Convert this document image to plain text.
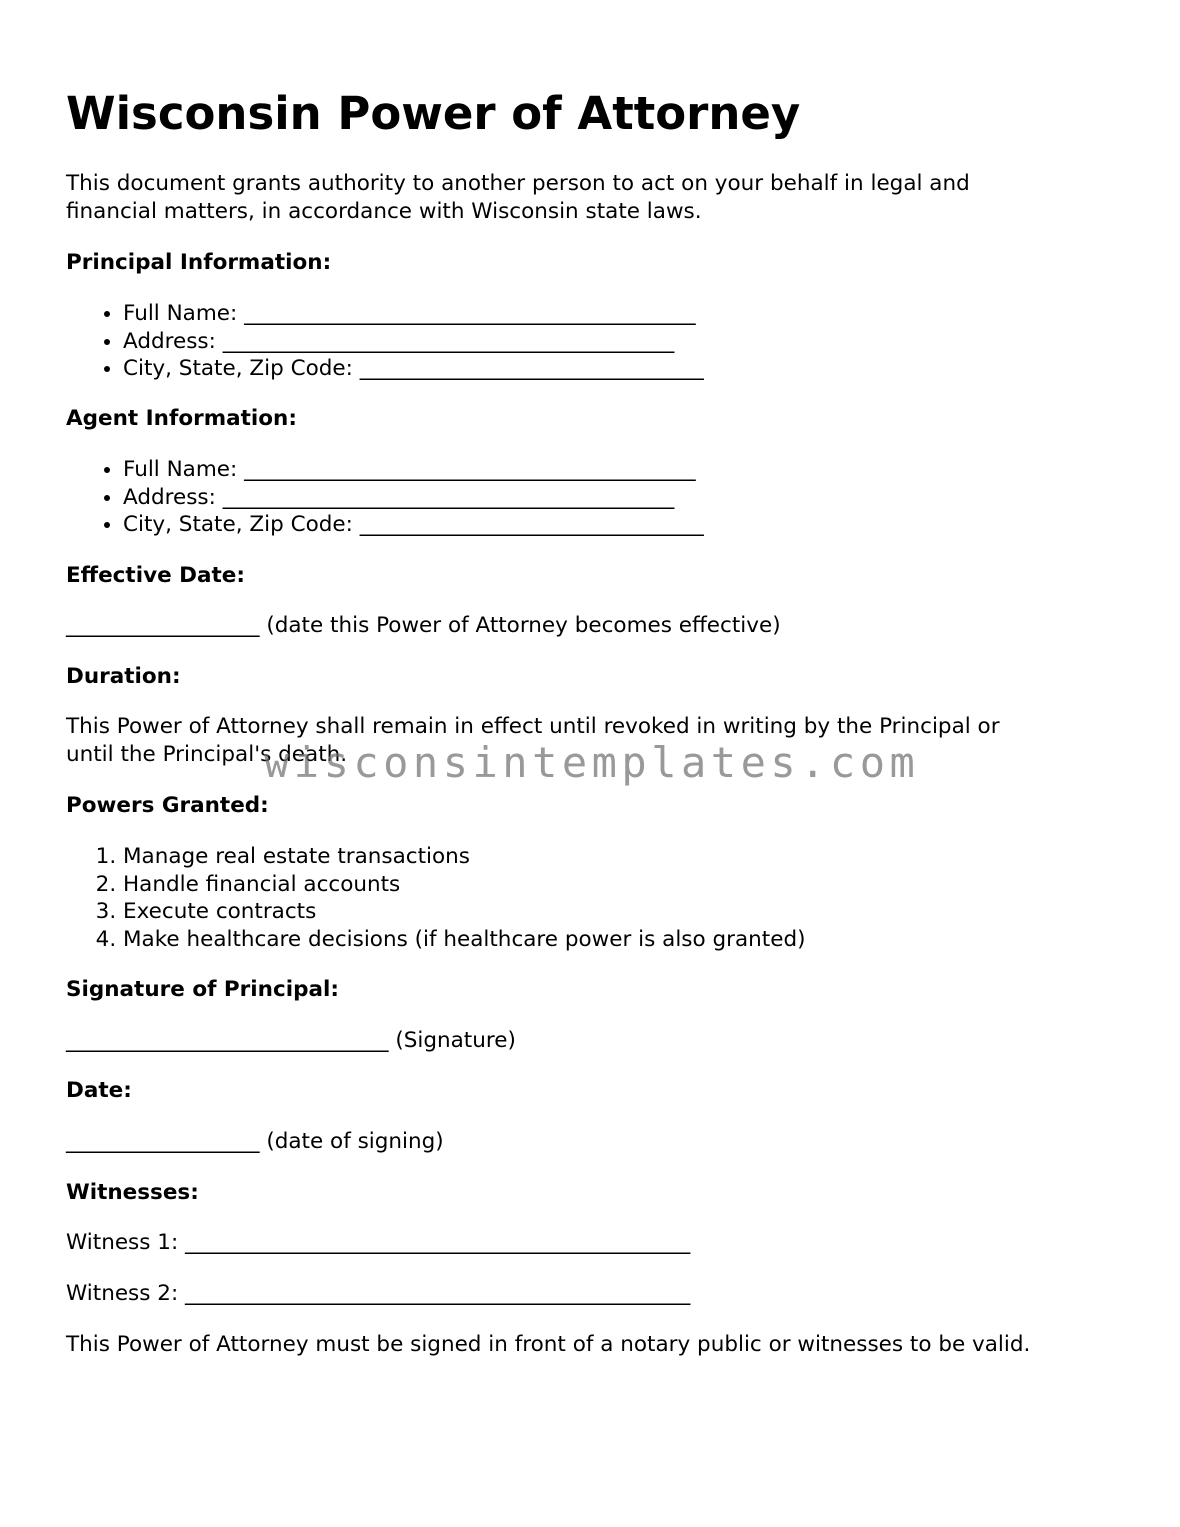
Wisconsin Power of Attorney

This document grants authority to another person to act on your behalf in legal and

financial matters, in accordance with Wisconsin state laws.

Principal Information:

• Full Name: __________________________________________
• Address: __________________________________________
• City, State, Zip Code: ________________________________

Agent Information:

• Full Name: __________________________________________
• Address: __________________________________________
• City, State, Zip Code: ________________________________

Effective Date:

__________________ (date this Power of Attorney becomes effective)

Duration:

This Power of Attorney shall remain in effect until revoked in writing by the Principal or

until the Principal's death.

Powers Granted:

1. Manage real estate transactions
2. Handle financial accounts
3. Execute contracts
4. Make healthcare decisions (if healthcare power is also granted)

Signature of Principal:

______________________________ (Signature)

Date:

__________________ (date of signing)

Witnesses:

Witness 1: _______________________________________________

Witness 2: _______________________________________________

This Power of Attorney must be signed in front of a notary public or witnesses to be valid.

wisconsintemplates.com
